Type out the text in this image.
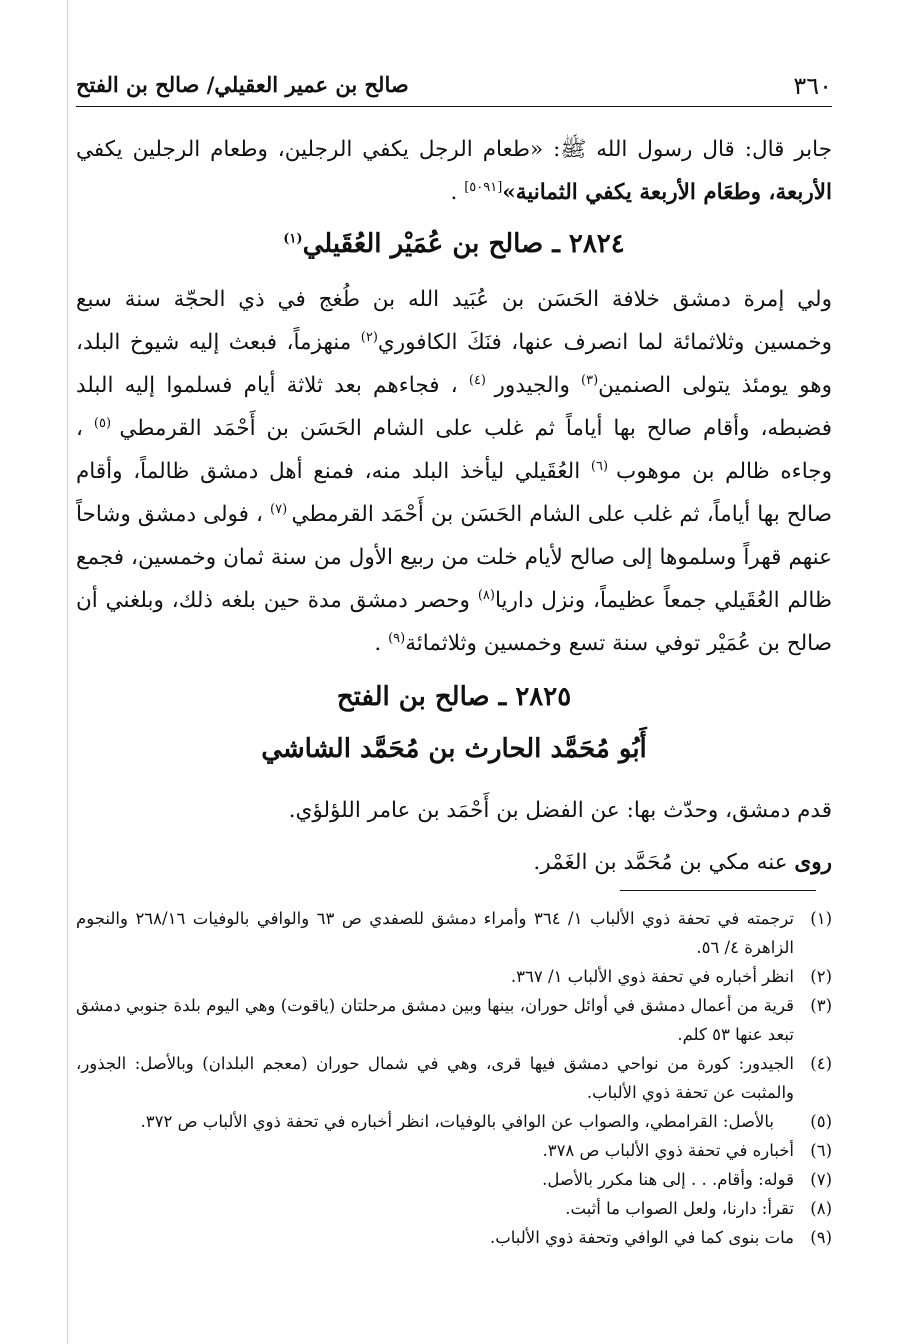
٣٦٠
صالح بن عمير العقيلي/ صالح بن الفتح

جابر قال: قال رسول الله ﷺ: «طعام الرجل يكفي الرجلين، وطعام الرجلين يكفي الأربعة، وطعَام الأربعة يكفي الثمانية»[٥٠٩١] .

٢٨٢٤ ـ صالح بن عُمَيْر العُقَيلي$^{(١)}$

ولي إمرة دمشق خلافة الحَسَن بن عُبَيد الله بن طُغج في ذي الحجّة سنة سبع وخمسين وثلاثمائة لما انصرف عنها، فنَكَ الكافوري$^{(٢)}$ منهزماً، فبعث إليه شيوخ البلد، وهو يومئذ يتولى الصنمين$^{(٣)}$ والجيدور $^{(٤)}$ ، فجاءهم بعد ثلاثة أيام فسلموا إليه البلد فضبطه، وأقام صالح بها أياماً ثم غلب على الشام الحَسَن بن أَحْمَد القرمطي $^{(٥)}$ ، وجاءه ظالم بن موهوب $^{(٦)}$ العُقَيلي ليأخذ البلد منه، فمنع أهل دمشق ظالماً، وأقام صالح بها أياماً، ثم غلب على الشام الحَسَن بن أَحْمَد القرمطي $^{(٧)}$ ، فولى دمشق وشاحاً عنهم قهراً وسلموها إلى صالح لأيام خلت من ربيع الأول من سنة ثمان وخمسين، فجمع ظالم العُقَيلي جمعاً عظيماً، ونزل داريا$^{(٨)}$ وحصر دمشق مدة حين بلغه ذلك، وبلغني أن صالح بن عُمَيْر توفي سنة تسع وخمسين وثلاثمائة$^{(٩)}$ .

٢٨٢٥ ـ صالح بن الفتح

أَبُو مُحَمَّد الحارث بن مُحَمَّد الشاشي

قدم دمشق، وحدّث بها: عن الفضل بن أَحْمَد بن عامر اللؤلؤي.

روى عنه مكي بن مُحَمَّد بن الغَمْر.

(١)
ترجمته في تحفة ذوي الألباب ١/ ٣٦٤ وأمراء دمشق للصفدي ص ٦٣ والوافي بالوفيات ٢٦٨/١٦ والنجوم الزاهرة ٤/ ٥٦.
(٢)
انظر أخباره في تحفة ذوي الألباب ١/ ٣٦٧.
(٣)
قرية من أعمال دمشق في أوائل حوران، بينها وبين دمشق مرحلتان (ياقوت) وهي اليوم بلدة جنوبي دمشق تبعد عنها ٥٣ كلم.
(٤)
الجيدور: كورة من نواحي دمشق فيها قرى، وهي في شمال حوران (معجم البلدان) وبالأصل: الجذور، والمثبت عن تحفة ذوي الألباب.
(٥)
بالأصل: القرامطي، والصواب عن الوافي بالوفيات، انظر أخباره في تحفة ذوي الألباب ص ٣٧٢.
(٦)
أخباره في تحفة ذوي الألباب ص ٣٧٨.
(٧)
قوله: وأقام. . . إلى هنا مكرر بالأصل.
(٨)
تقرأ: دارنا، ولعل الصواب ما أثبت.
(٩)
مات بنوى كما في الوافي وتحفة ذوي الألباب.
